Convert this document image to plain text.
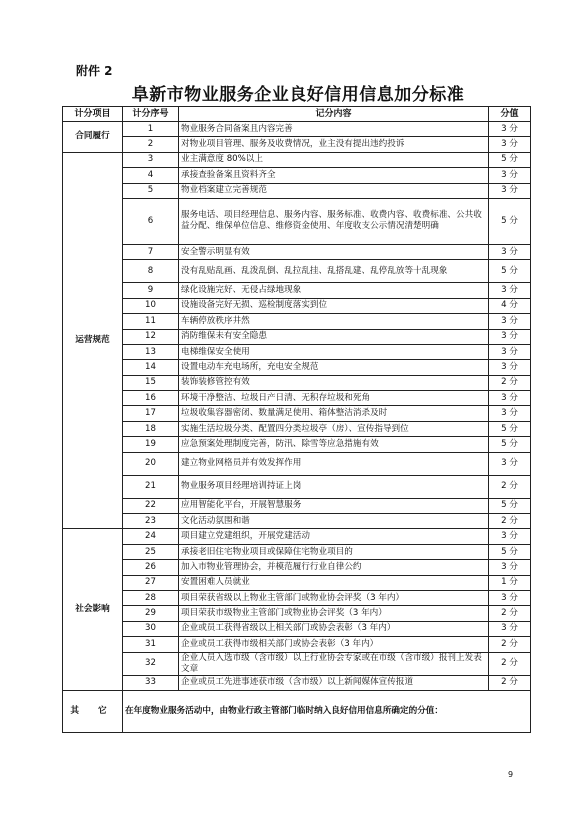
附件 2
阜新市物业服务企业良好信用信息加分标准
计分项目	计分序号	记分内容	分值
合同履行	1	物业服务合同备案且内容完善	3 分
	2	对物业项目管理、服务及收费情况，业主没有提出违约投诉	3 分
运营规范	3	业主满意度 80%以上	5 分
	4	承接查验备案且资料齐全	3 分
	5	物业档案建立完善规范	3 分
	6	服务电话、项目经理信息、服务内容、服务标准、收费内容、收费标准、公共收益分配、维保单位信息、维修资金使用、年度收支公示情况清楚明确	5 分
	7	安全警示明显有效	3 分
	8	没有乱贴乱画、乱泼乱倒、乱拉乱挂、乱搭乱建、乱停乱放等十乱现象	5 分
	9	绿化设施完好、无侵占绿地现象	3 分
	10	设施设备完好无损、巡检制度落实到位	4 分
	11	车辆停放秩序井然	3 分
	12	消防维保未有安全隐患	3 分
	13	电梯维保安全使用	3 分
	14	设置电动车充电场所，充电安全规范	3 分
	15	装饰装修管控有效	2 分
	16	环境干净整洁、垃圾日产日清、无积存垃圾和死角	3 分
	17	垃圾收集容器密闭、数量满足使用、箱体整洁消杀及时	3 分
	18	实施生活垃圾分类、配置四分类垃圾亭（房）、宣传指导到位	5 分
	19	应急预案处理制度完善，防汛、除雪等应急措施有效	5 分
	20	建立物业网格员并有效发挥作用	3 分
	21	物业服务项目经理培训持证上岗	2 分
	22	应用智能化平台，开展智慧服务	5 分
	23	文化活动氛围和谐	2 分
社会影响	24	项目建立党建组织，开展党建活动	3 分
	25	承接老旧住宅物业项目或保障住宅物业项目的	5 分
	26	加入市物业管理协会，并模范履行行业自律公约	3 分
	27	安置困难人员就业	1 分
	28	项目荣获省级以上物业主管部门或物业协会评奖（3 年内）	3 分
	29	项目荣获市级物业主管部门或物业协会评奖（3 年内）	2 分
	30	企业或员工获得省级以上相关部门或协会表彰（3 年内）	3 分
	31	企业或员工获得市级相关部门或协会表彰（3 年内）	2 分
	32	企业人员入选市级（含市级）以上行业协会专家或在市级（含市级）报刊上发表文章	2 分
	33	企业或员工先进事迹获市级（含市级）以上新闻媒体宣传报道	2 分
其 它	在年度物业服务活动中，由物业行政主管部门临时纳入良好信用信息所确定的分值：		
9
